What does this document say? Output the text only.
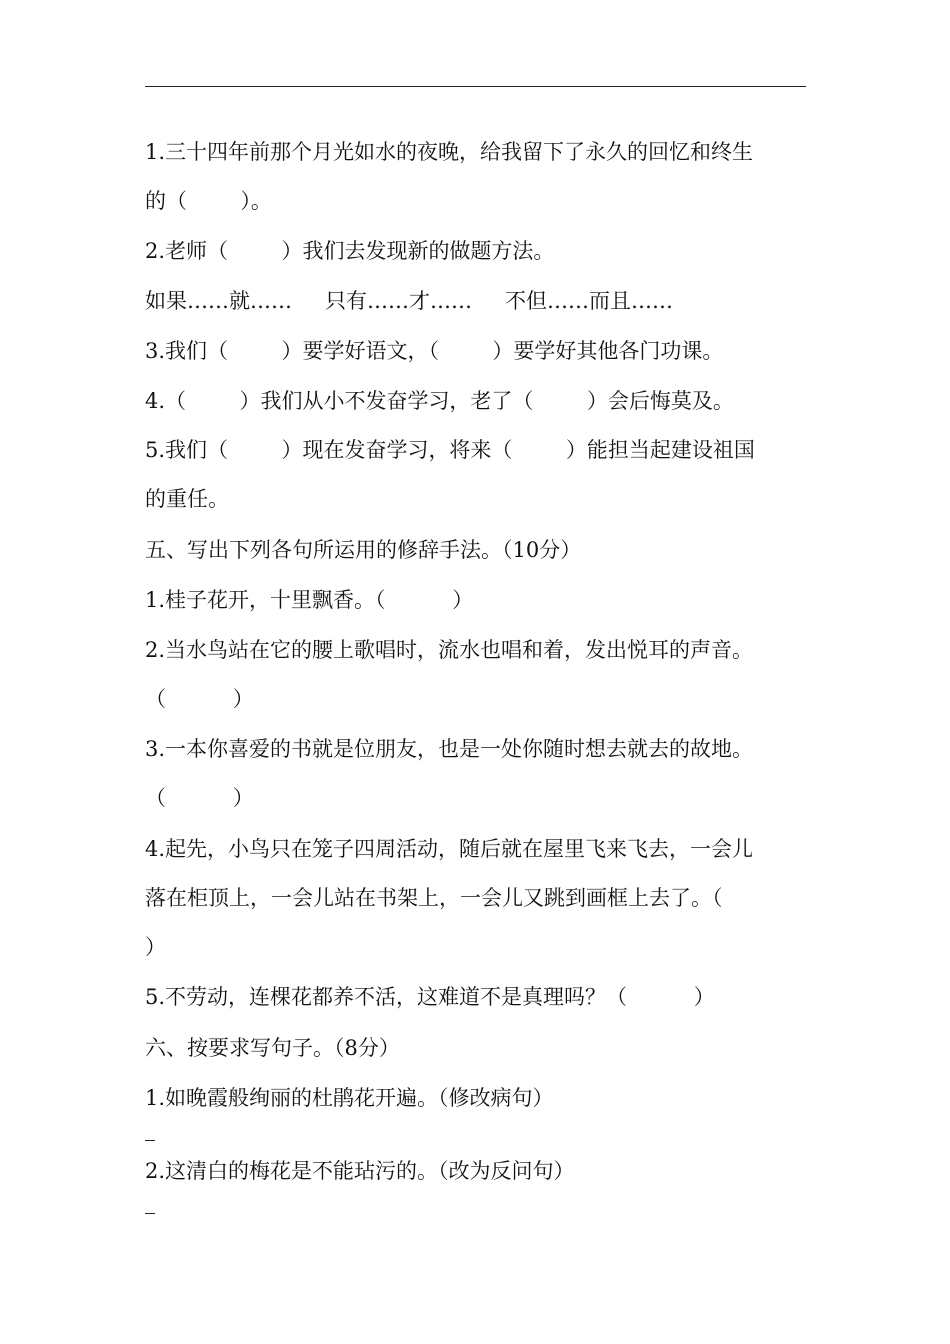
1.三十四年前那个月光如水的夜晚，给我留下了永久的回忆和终生
的（        ）。
2.老师（        ）我们去发现新的做题方法。
如果……就……	只有……才……	不但……而且……
3.我们（        ）要学好语文，（        ）要学好其他各门功课。
4.（        ）我们从小不发奋学习，老了（        ）会后悔莫及。
5.我们（        ）现在发奋学习，将来（        ）能担当起建设祖国
的重任。
五、写出下列各句所运用的修辞手法。（10分）
1.桂子花开，十里飘香。（          ）
2.当水鸟站在它的腰上歌唱时，流水也唱和着，发出悦耳的声音。
（          ）
3.一本你喜爱的书就是位朋友，也是一处你随时想去就去的故地。
（          ）
4.起先，小鸟只在笼子四周活动，随后就在屋里飞来飞去，一会儿
落在柜顶上，一会儿站在书架上，一会儿又跳到画框上去了。（
）
5.不劳动，连棵花都养不活，这难道不是真理吗？（          ）
六、按要求写句子。（8分）
1.如晚霞般绚丽的杜鹃花开遍。（修改病句）
2.这清白的梅花是不能玷污的。（改为反问句）
